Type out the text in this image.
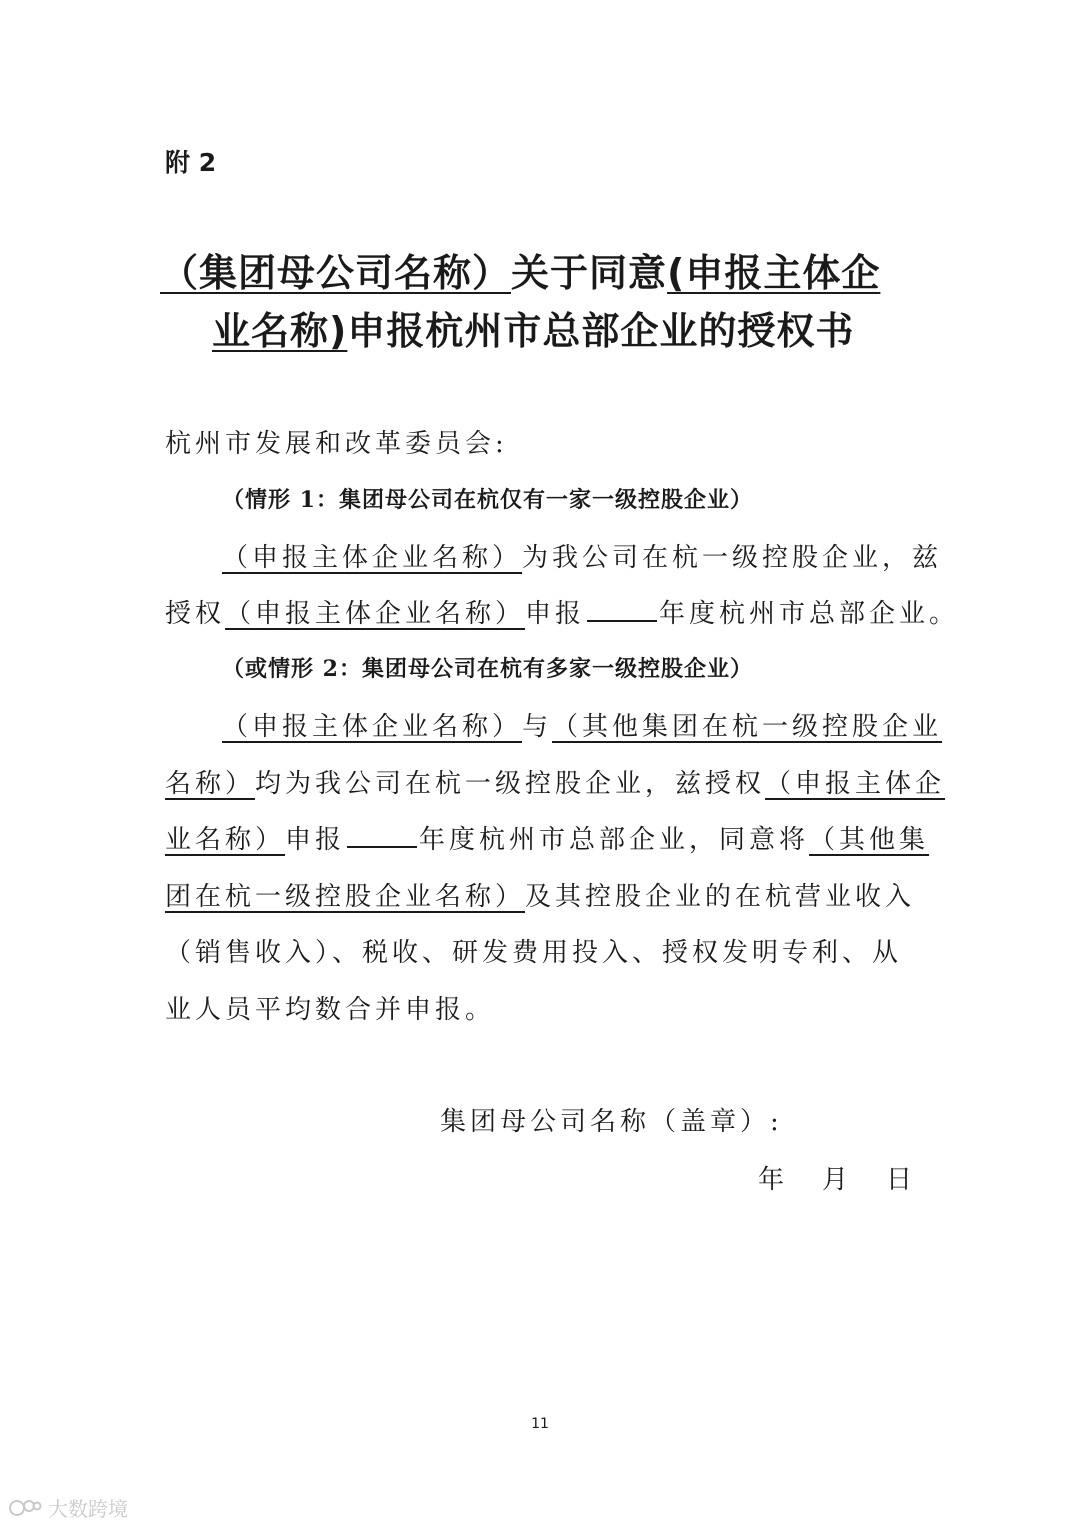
附 2
（集团母公司名称）关于同意(申报主体企
业名称)申报杭州市总部企业的授权书
杭州市发展和改革委员会:
（情形 1：集团母公司在杭仅有一家一级控股企业）
（申报主体企业名称）为我公司在杭一级控股企业，兹
授权（申报主体企业名称）申报	年度杭州市总部企业。
（或情形 2：集团母公司在杭有多家一级控股企业）
（申报主体企业名称）与（其他集团在杭一级控股企业
名称）均为我公司在杭一级控股企业，兹授权（申报主体企
业名称）申报	年度杭州市总部企业，同意将（其他集
团在杭一级控股企业名称）及其控股企业的在杭营业收入
（销售收入）、税收、研发费用投入、授权发明专利、从
业人员平均数合并申报。
集团母公司名称（盖章）:
年 月 日
11
大数跨境
